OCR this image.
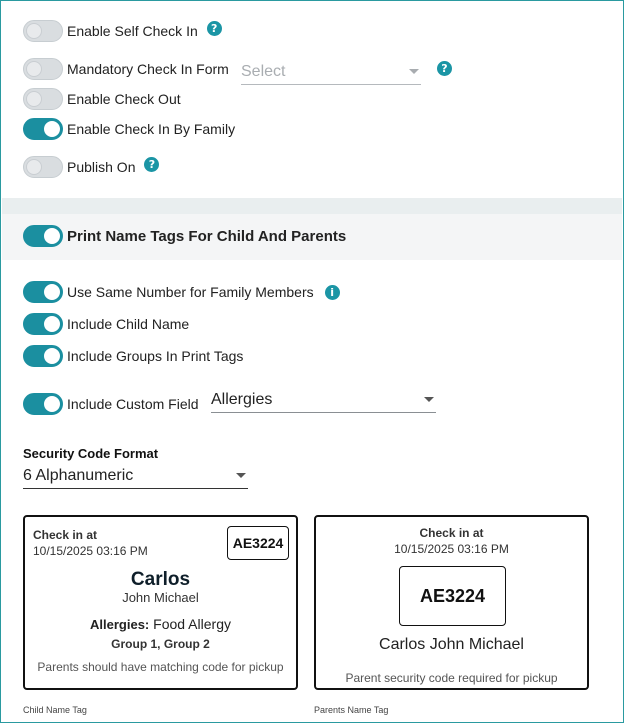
Enable Self Check In	?
Mandatory Check In Form Select	?
Enable Check Out
Enable Check In By Family
Publish On	?
Print Name Tags For Child And Parents
Use Same Number for Family Members	i
Include Child Name
Include Groups In Print Tags
Include Custom Field Allergies
Security Code Format
6 Alphanumeric
Check in at
10/15/2025 03:16 PM	AE3224
Carlos
John Michael
Allergies: Food Allergy
Group 1, Group 2
Parents should have matching code for pickup
Child Name Tag
Check in at
10/15/2025 03:16 PM
AE3224
Carlos John Michael
Parent security code required for pickup
Parents Name Tag
